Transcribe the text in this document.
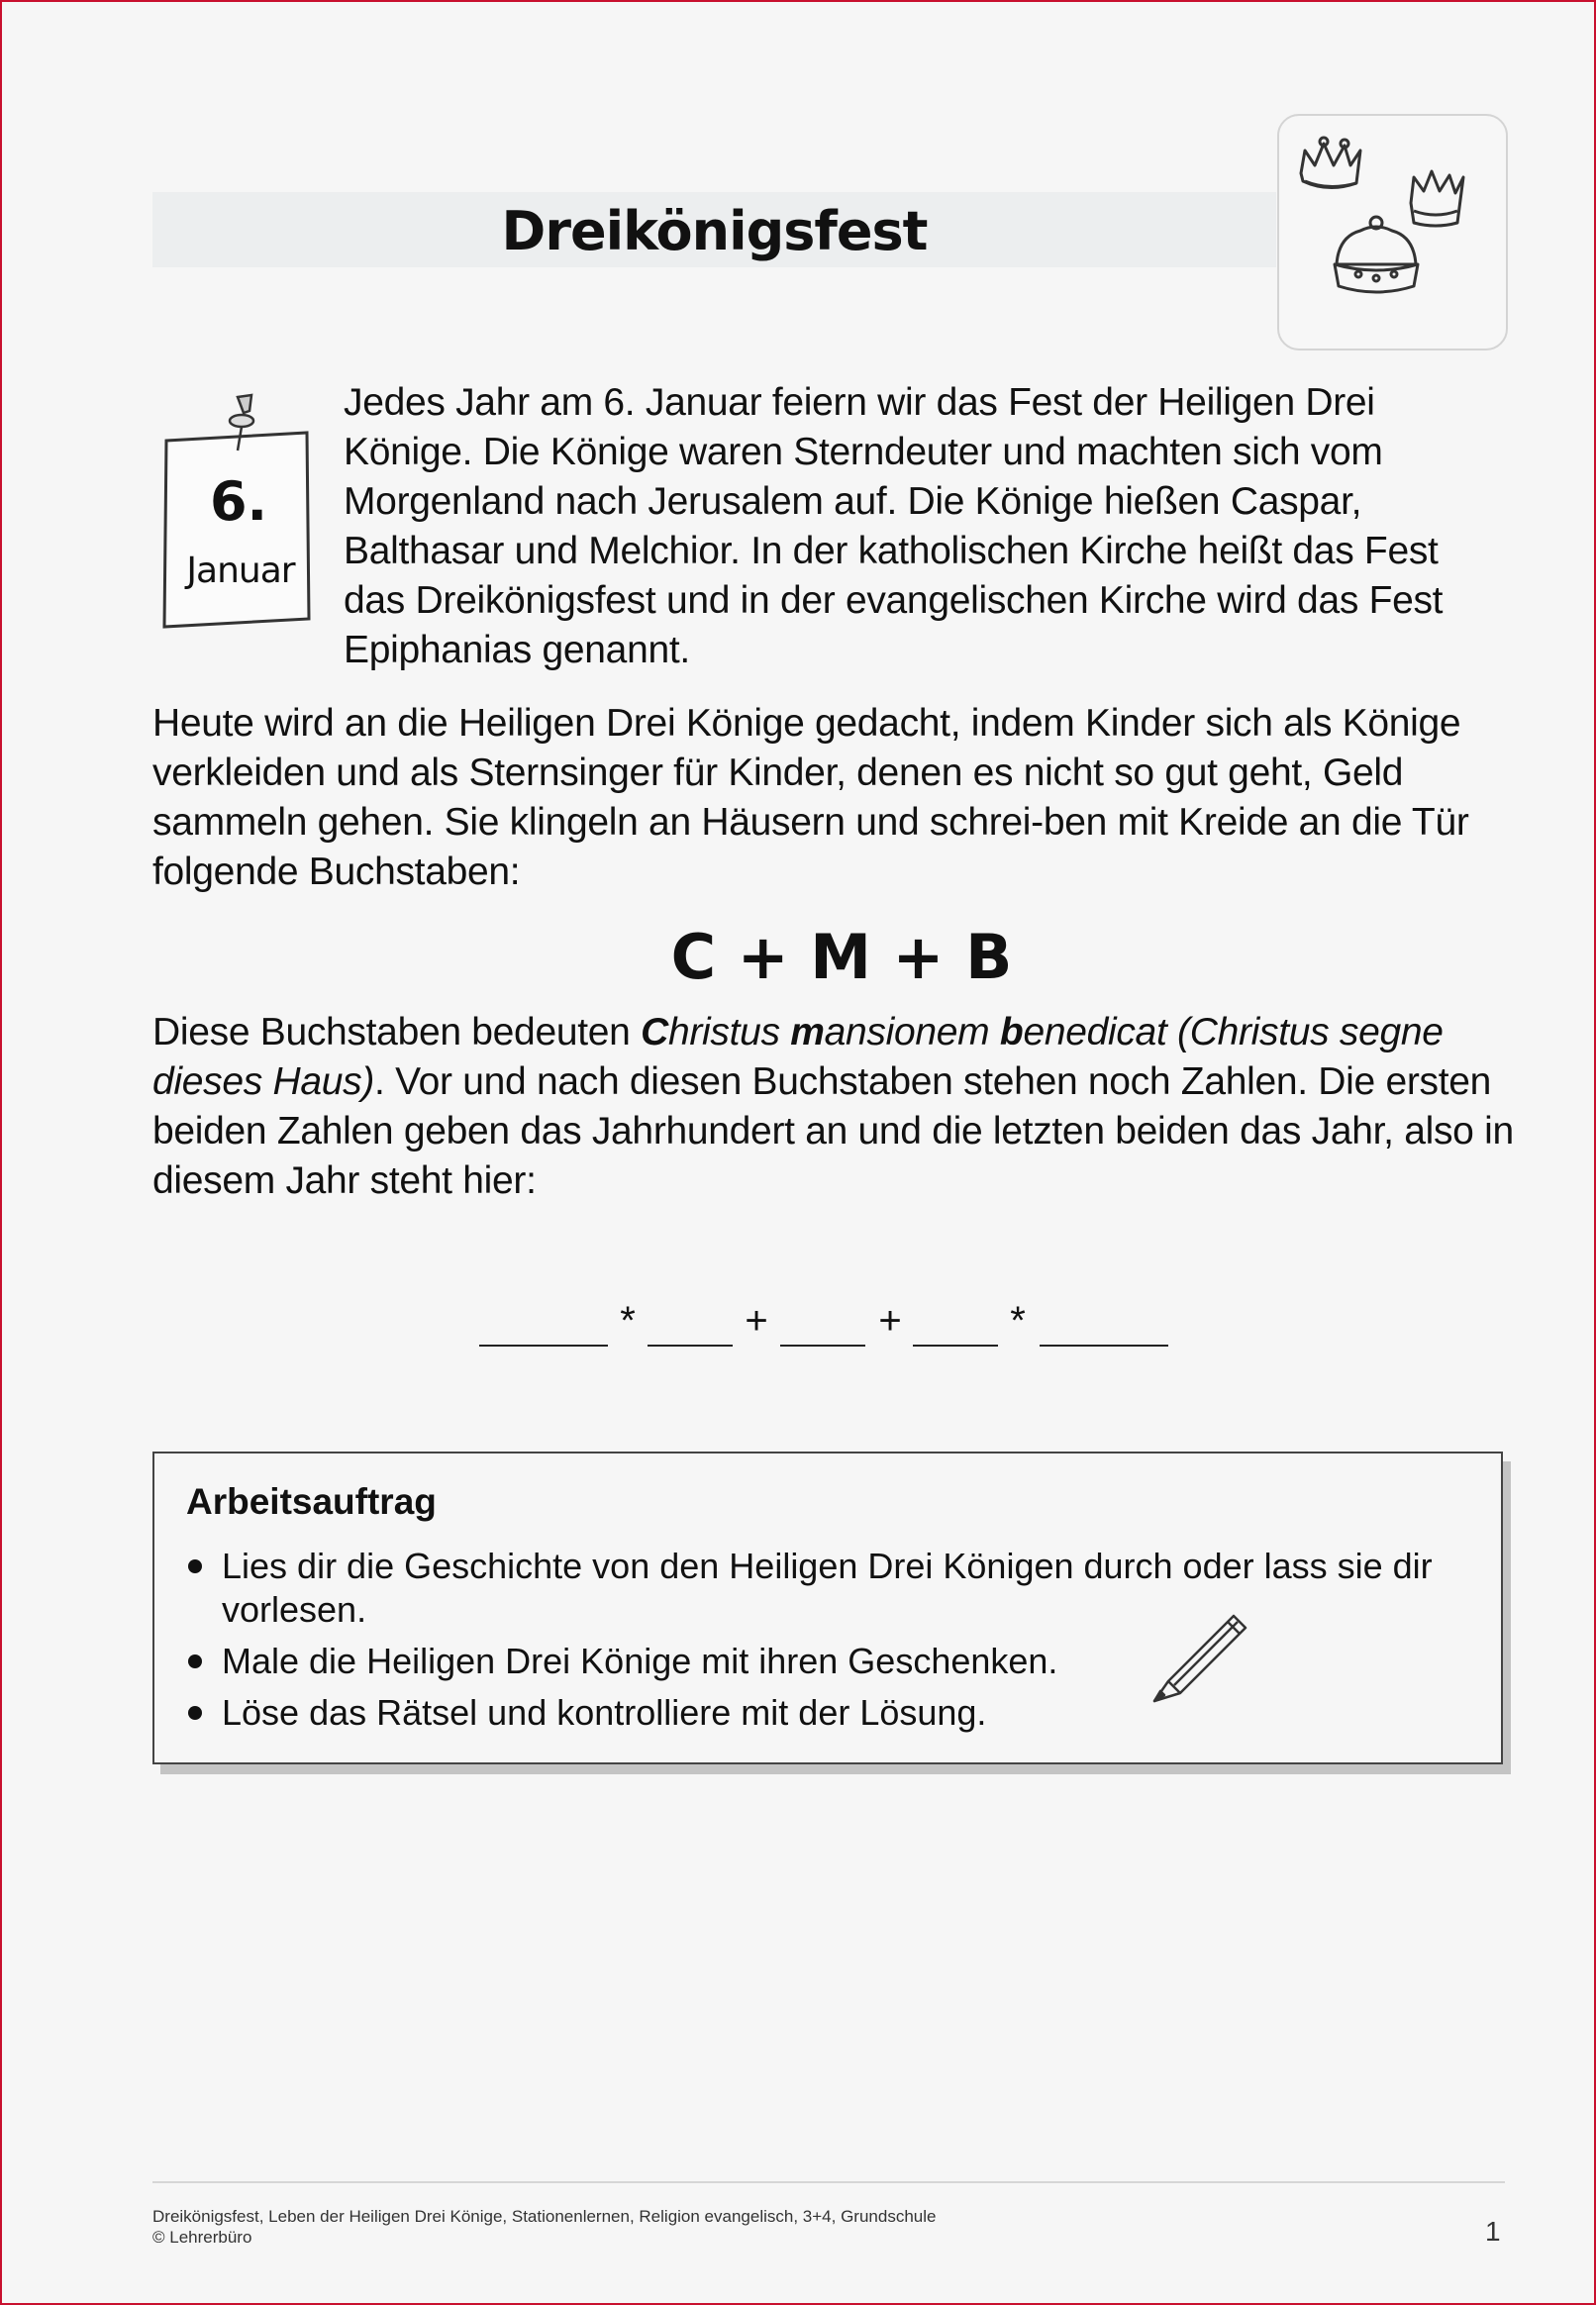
Dreikönigsfest
6.
Januar
Jedes Jahr am 6. Januar feiern wir das Fest der Heiligen Drei Könige. Die Könige waren Sterndeuter und machten sich vom Morgenland nach Jerusalem auf. Die Könige hießen Caspar, Balthasar und Melchior. In der katholischen Kirche heißt das Fest das Dreikönigsfest und in der evangelischen Kirche wird das Fest Epiphanias genannt.
Heute wird an die Heiligen Drei Könige gedacht, indem Kinder sich als Könige verkleiden und als Sternsinger für Kinder, denen es nicht so gut geht, Geld sammeln gehen. Sie klingeln an Häusern und schrei-ben mit Kreide an die Tür folgende Buchstaben:
C + M + B
Diese Buchstaben bedeuten Christus mansionem benedicat (Christus segne dieses Haus). Vor und nach diesen Buchstaben stehen noch Zahlen. Die ersten beiden Zahlen geben das Jahrhundert an und die letzten beiden das Jahr, also in diesem Jahr steht hier:
*	+	+	*
Arbeitsauftrag
Lies dir die Geschichte von den Heiligen Drei Königen durch oder lass sie dir vorlesen.
Male die Heiligen Drei Könige mit ihren Geschenken.
Löse das Rätsel und kontrolliere mit der Lösung.
Dreikönigsfest, Leben der Heiligen Drei Könige, Stationenlernen, Religion evangelisch, 3+4, Grundschule
© Lehrerbüro	1
